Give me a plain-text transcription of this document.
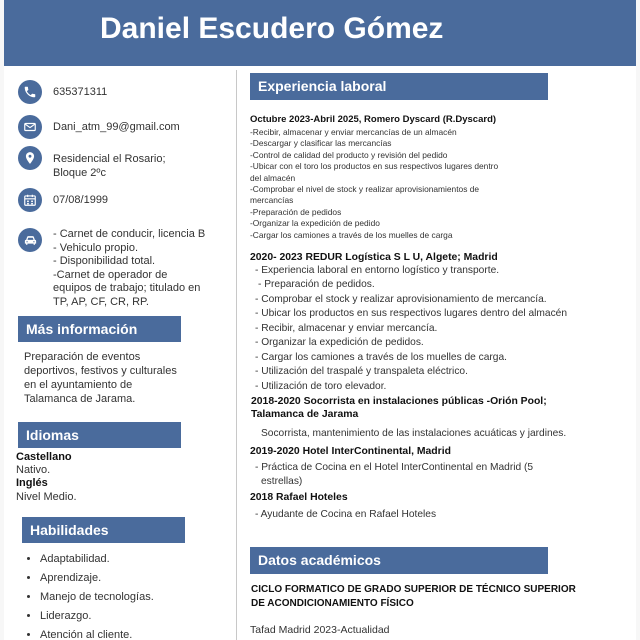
Daniel Escudero Gómez
635371311
Dani_atm_99@gmail.com
Residencial el Rosario;
Bloque 2ºc
07/08/1999
- Carnet de conducir, licencia B
- Vehiculo propio.
- Disponibilidad total.
-Carnet de operador de
equipos de trabajo; titulado en
TP, AP, CF, CR, RP.
Más información
Preparación de eventos
deportivos, festivos y culturales
en el ayuntamiento de
Talamanca de Jarama.
Idiomas
Castellano
Nativo.
Inglés
Nivel Medio.
Habilidades
• Adaptabilidad.
• Aprendizaje.
• Manejo de tecnologías.
• Liderazgo.
• Atención al cliente.
Experiencia laboral
Octubre 2023-Abril 2025, Romero Dyscard (R.Dyscard)
-Recibir, almacenar y enviar mercancías de un almacén
-Descargar y clasificar las mercancías
-Control de calidad del producto y revisión del pedido
-Ubicar con el toro los productos en sus respectivos lugares dentro
del almacén
-Comprobar el nivel de stock y realizar aprovisionamientos de
mercancías
-Preparación de pedidos
-Organizar la expedición de pedido
-Cargar los camiones a través de los muelles de carga
2020- 2023 REDUR Logística S L U, Algete; Madrid
- Experiencia laboral en entorno logístico y transporte.
- Preparación de pedidos.
- Comprobar el stock y realizar aprovisionamiento de mercancía.
- Ubicar los productos en sus respectivos lugares dentro del almacén
- Recibir, almacenar y enviar mercancía.
- Organizar la expedición de pedidos.
- Cargar los camiones a través de los muelles de carga.
- Utilización del traspalé y transpaleta eléctrico.
- Utilización de toro elevador.
2018-2020 Socorrista en instalaciones públicas -Orión Pool;
Talamanca de Jarama
Socorrista, mantenimiento de las instalaciones acuáticas y jardines.
2019-2020 Hotel InterContinental, Madrid
- Práctica de Cocina en el Hotel InterContinental en Madrid (5
estrellas)
2018 Rafael Hoteles
- Ayudante de Cocina en Rafael Hoteles
Datos académicos
CICLO FORMATICO DE GRADO SUPERIOR DE TÉCNICO SUPERIOR
DE ACONDICIONAMIENTO FÍSICO
Tafad Madrid 2023-Actualidad
